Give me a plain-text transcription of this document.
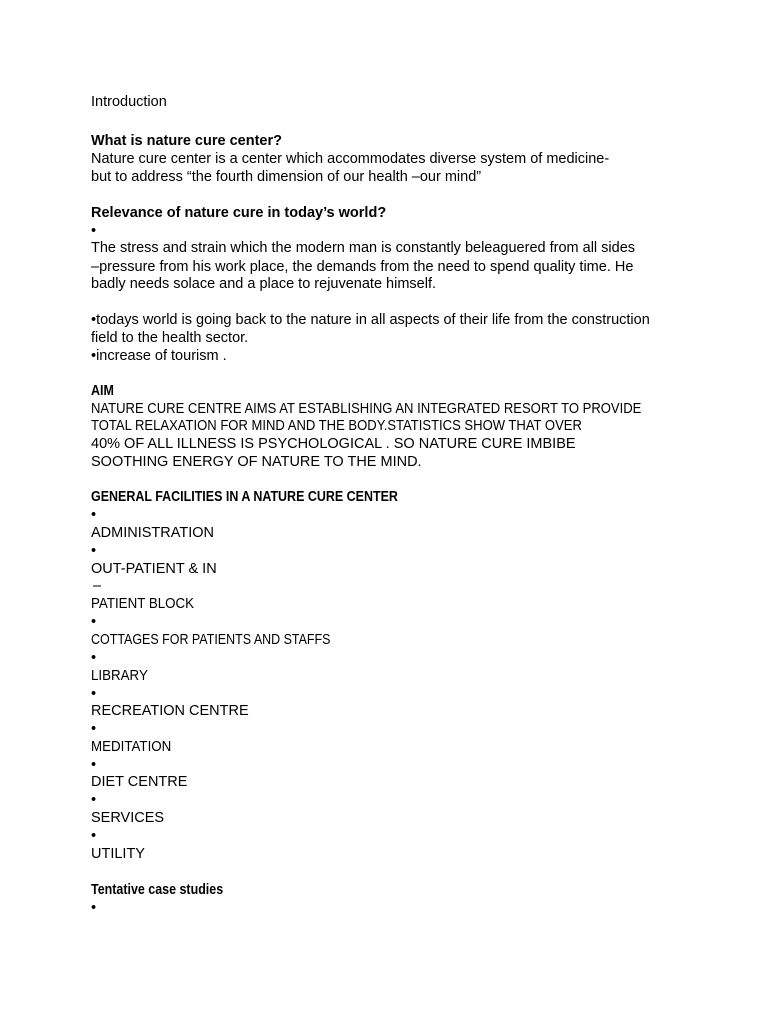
Introduction
What is nature cure center?
Nature cure center is a center which accommodates diverse system of medicine-
but to address “the fourth dimension of our health –our mind”
Relevance of nature cure in today’s world?
•
The stress and strain which the modern man is constantly beleaguered from all sides
–pressure from his work place, the demands from the need to spend quality time. He
badly needs solace and a place to rejuvenate himself.
•todays world is going back to the nature in all aspects of their life from the construction
field to the health sector.
•increase of tourism .
AIM
NATURE CURE CENTRE AIMS AT ESTABLISHING AN INTEGRATED RESORT TO PROVIDE
TOTAL RELAXATION FOR MIND AND THE BODY.STATISTICS SHOW THAT OVER
40% OF ALL ILLNESS IS PSYCHOLOGICAL . SO NATURE CURE IMBIBE
SOOTHING ENERGY OF NATURE TO THE MIND.
GENERAL FACILITIES IN A NATURE CURE CENTER
•
ADMINISTRATION
•
OUT-PATIENT & IN
–
PATIENT BLOCK
•
COTTAGES FOR PATIENTS AND STAFFS
•
LIBRARY
•
RECREATION CENTRE
•
MEDITATION
•
DIET CENTRE
•
SERVICES
•
UTILITY
Tentative case studies
•
